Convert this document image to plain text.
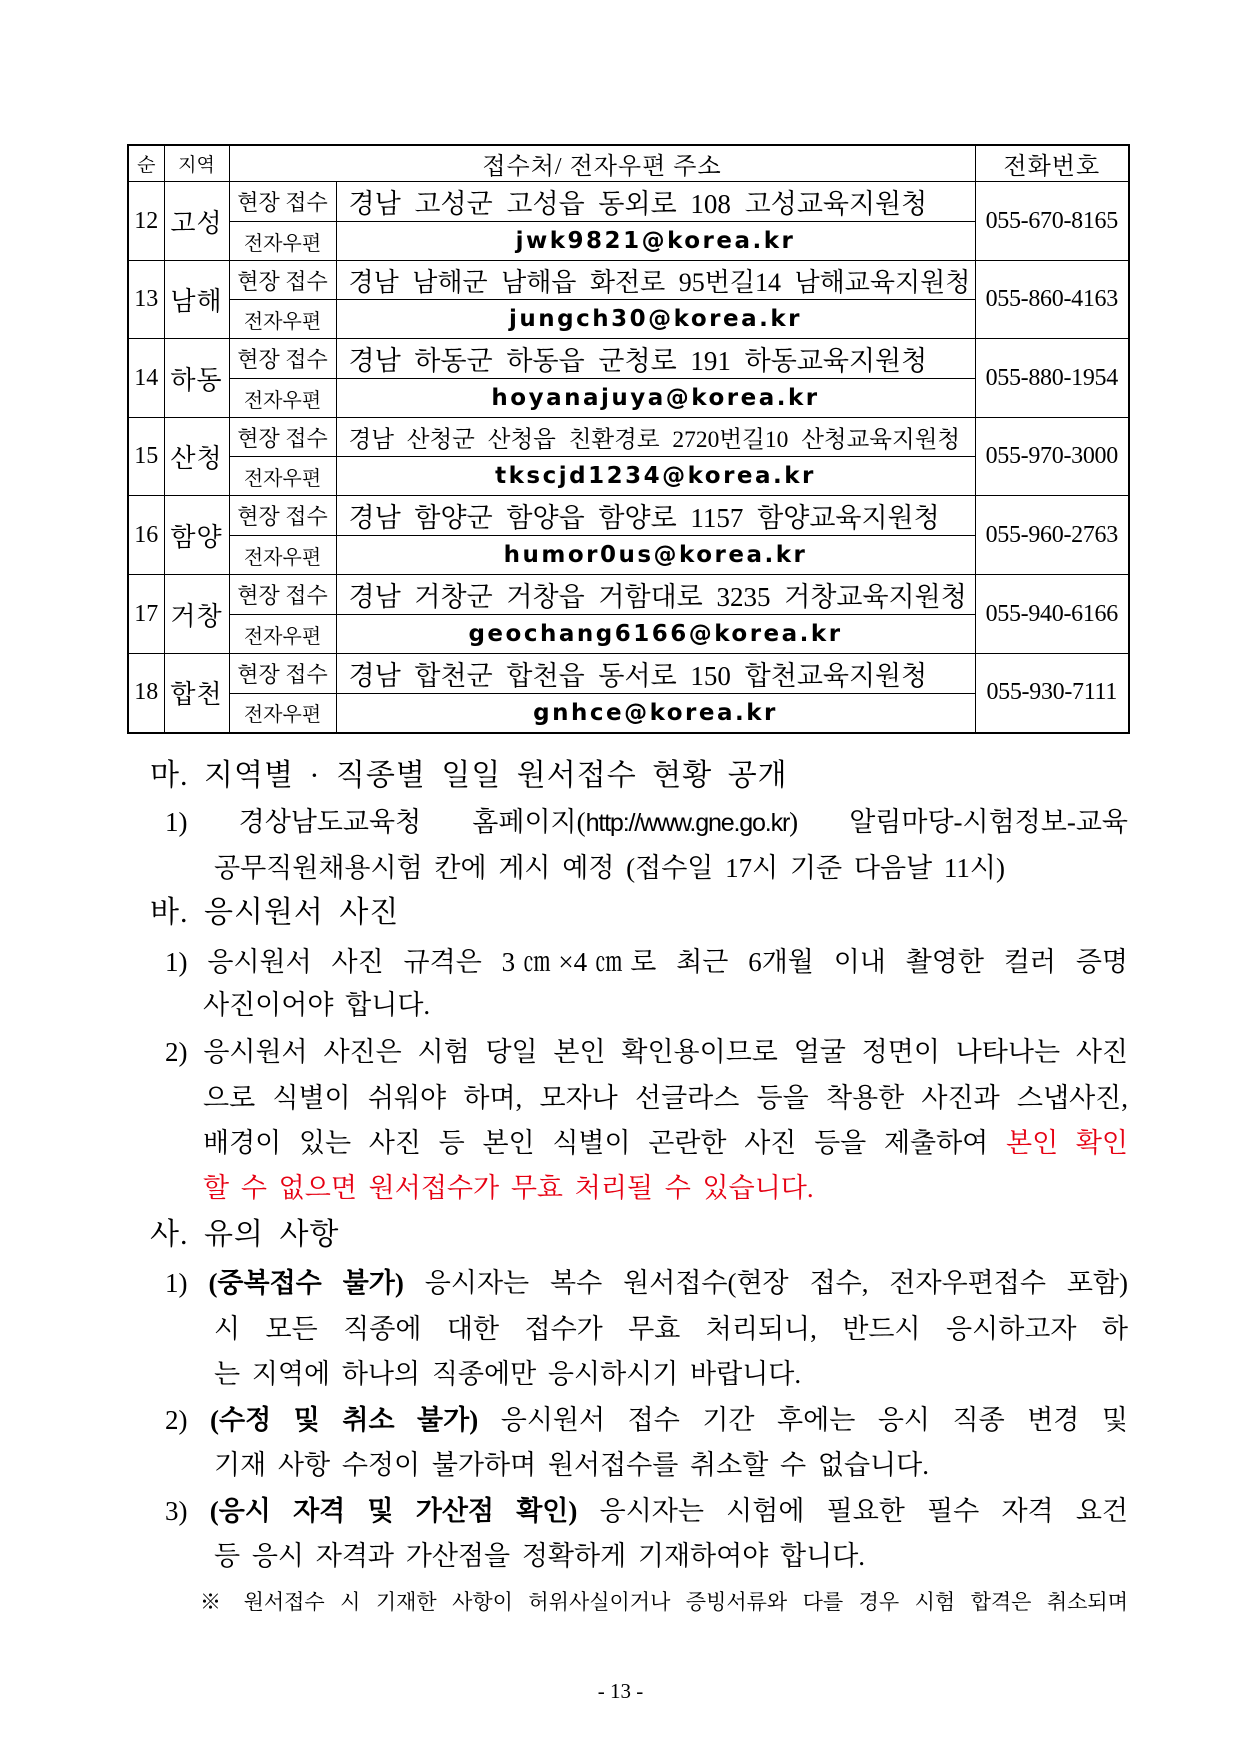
순	지역	접수처/ 전자우편 주소		전화번호
12	고성	현장 접수	경남 고성군 고성읍 동외로 108 고성교육지원청	055-670-8165
		전자우편	jwk9821@korea.kr	
13	남해	현장 접수	경남 남해군 남해읍 화전로 95번길14 남해교육지원청	055-860-4163
		전자우편	jungch30@korea.kr	
14	하동	현장 접수	경남 하동군 하동읍 군청로 191 하동교육지원청	055-880-1954
		전자우편	hoyanajuya@korea.kr	
15	산청	현장 접수	경남 산청군 산청읍 친환경로 2720번길10 산청교육지원청	055-970-3000
		전자우편	tkscjd1234@korea.kr	
16	함양	현장 접수	경남 함양군 함양읍 함양로 1157 함양교육지원청	055-960-2763
		전자우편	humor0us@korea.kr	
17	거창	현장 접수	경남 거창군 거창읍 거함대로 3235 거창교육지원청	055-940-6166
		전자우편	geochang6166@korea.kr	
18	합천	현장 접수	경남 합천군 합천읍 동서로 150 합천교육지원청	055-930-7111
		전자우편	gnhce@korea.kr	
마. 지역별 · 직종별 일일 원서접수 현황 공개
1) 경상남도교육청 홈페이지(http://www.gne.go.kr) 알림마당-시험정보-교육
공무직원채용시험 칸에 게시 예정 (접수일 17시 기준 다음날 11시)
바. 응시원서 사진
1) 응시원서 사진 규격은 3㎝×4㎝로 최근 6개월 이내 촬영한 컬러 증명
사진이어야 합니다.
2) 응시원서 사진은 시험 당일 본인 확인용이므로 얼굴 정면이 나타나는 사진
으로 식별이 쉬워야 하며, 모자나 선글라스 등을 착용한 사진과 스냅사진,
배경이 있는 사진 등 본인 식별이 곤란한 사진 등을 제출하여 본인 확인
할 수 없으면 원서접수가 무효 처리될 수 있습니다.
사. 유의 사항
1) (중복접수 불가) 응시자는 복수 원서접수(현장 접수, 전자우편접수 포함)
시 모든 직종에 대한 접수가 무효 처리되니, 반드시 응시하고자 하
는 지역에 하나의 직종에만 응시하시기 바랍니다.
2) (수정 및 취소 불가) 응시원서 접수 기간 후에는 응시 직종 변경 및
기재 사항 수정이 불가하며 원서접수를 취소할 수 없습니다.
3) (응시 자격 및 가산점 확인) 응시자는 시험에 필요한 필수 자격 요건
등 응시 자격과 가산점을 정확하게 기재하여야 합니다.
※ 원서접수 시 기재한 사항이 허위사실이거나 증빙서류와 다를 경우 시험 합격은 취소되며
- 13 -
